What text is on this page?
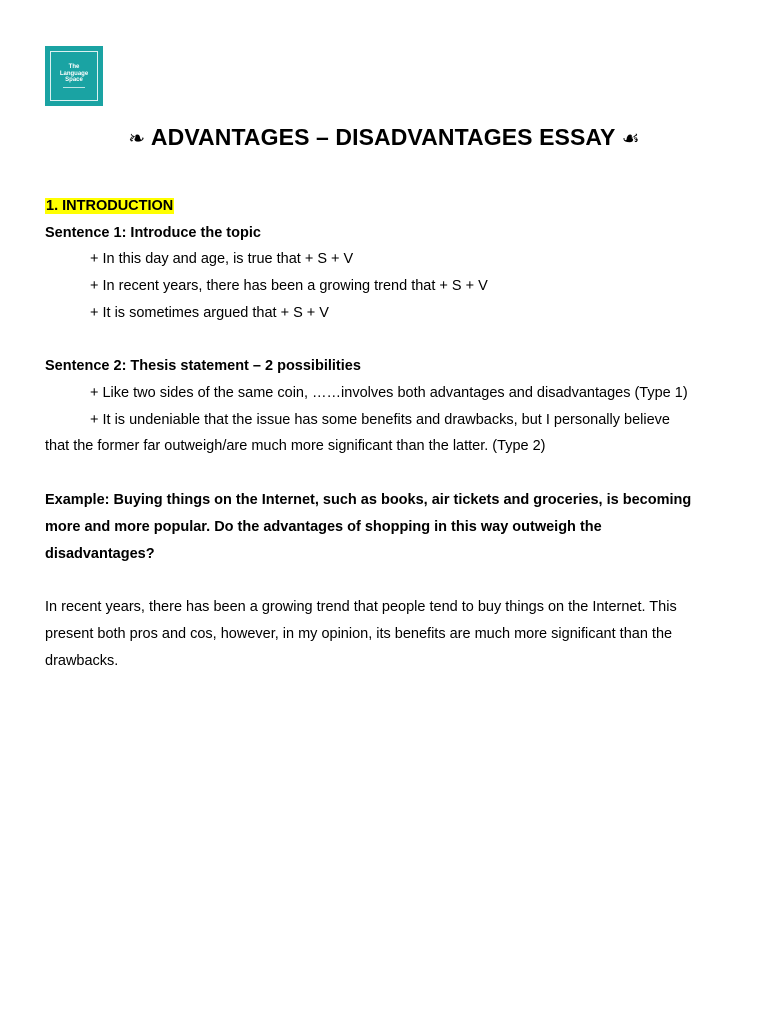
The
Language
Space
❧ ADVANTAGES – DISADVANTAGES ESSAY ☙
1. INTRODUCTION
Sentence 1: Introduce the topic
+ In this day and age, is true that + S + V
+ In recent years, there has been a growing trend that + S + V
+ It is sometimes argued that + S + V
Sentence 2: Thesis statement – 2 possibilities
+ Like two sides of the same coin, ……involves both advantages and disadvantages (Type 1)
+ It is undeniable that the issue has some benefits and drawbacks, but I personally believe
that the former far outweigh/are much more significant than the latter. (Type 2)
Example: Buying things on the Internet, such as books, air tickets and groceries, is becoming
more and more popular. Do the advantages of shopping in this way outweigh the
disadvantages?
In recent years, there has been a growing trend that people tend to buy things on the Internet. This
present both pros and cos, however, in my opinion, its benefits are much more significant than the
drawbacks.
